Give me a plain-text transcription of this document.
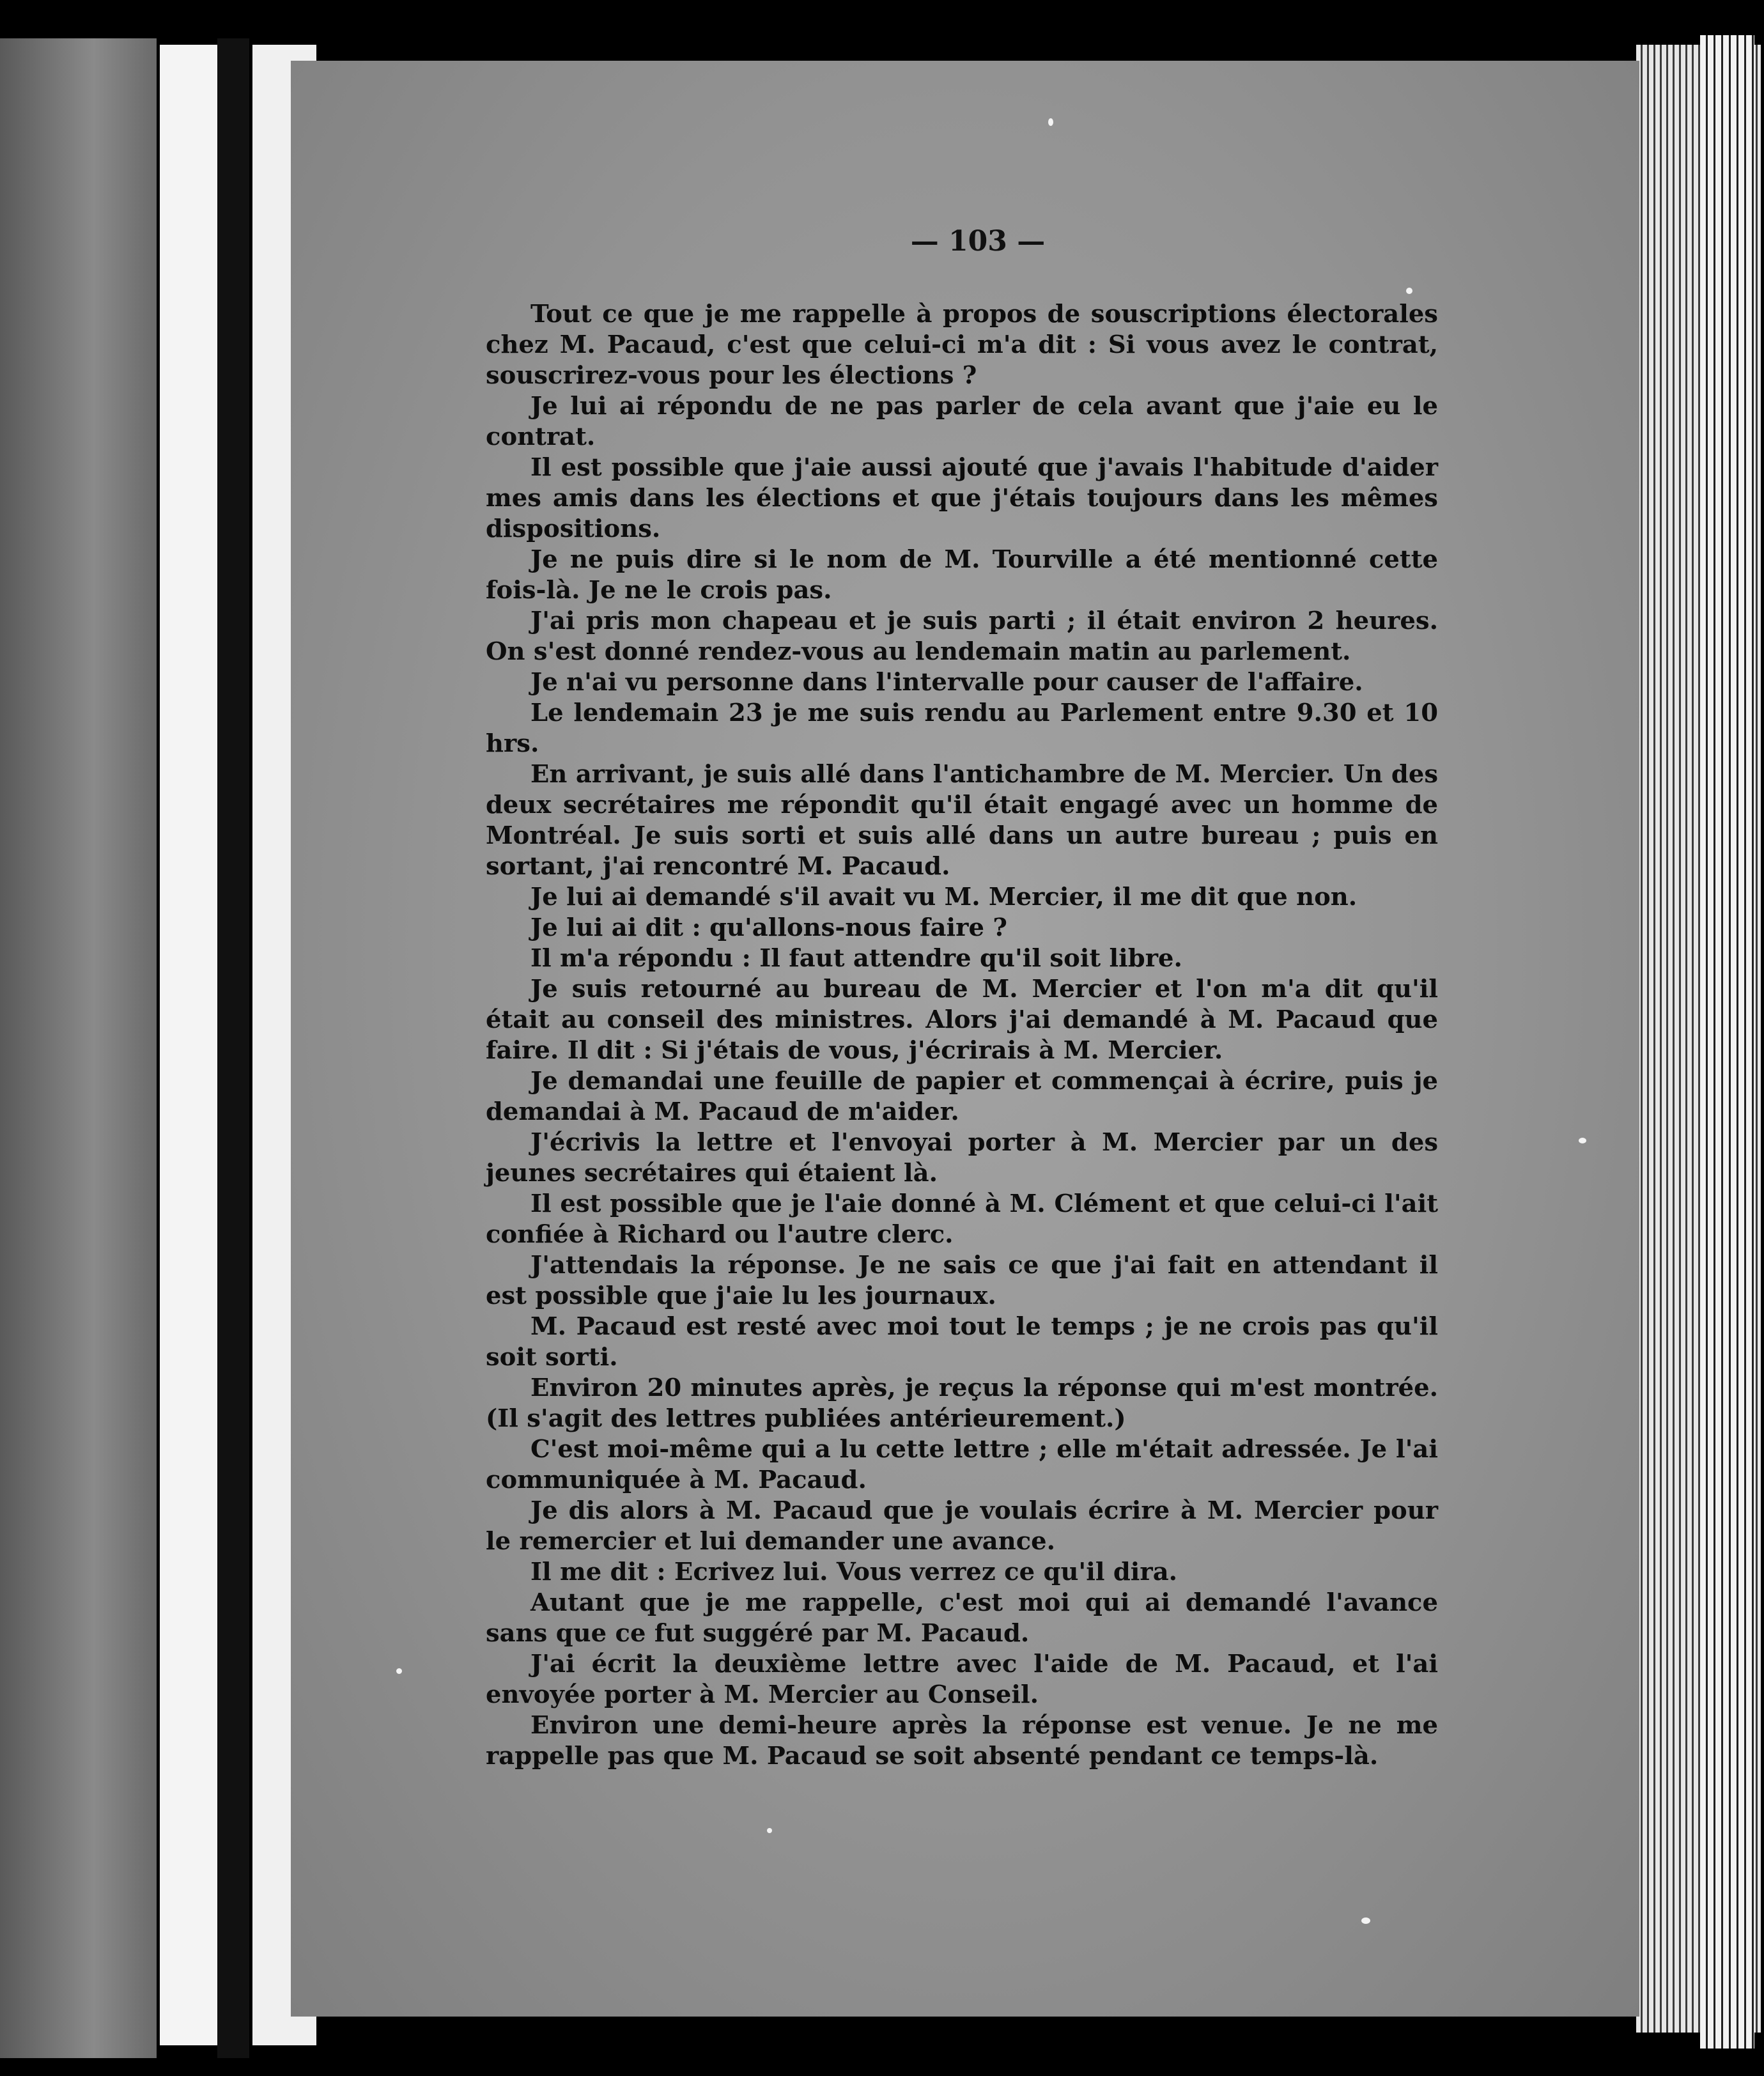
— 103 —

Tout ce que je me rappelle à propos de souscriptions électorales chez M. Pacaud, c'est que celui-ci m'a dit : Si vous avez le contrat, souscrirez-vous pour les élections ?

Je lui ai répondu de ne pas parler de cela avant que j'aie eu le contrat.

Il est possible que j'aie aussi ajouté que j'avais l'habitude d'aider mes amis dans les élections et que j'étais toujours dans les mêmes dispositions.

Je ne puis dire si le nom de M. Tourville a été mentionné cette fois-là. Je ne le crois pas.

J'ai pris mon chapeau et je suis parti ; il était environ 2 heures. On s'est donné rendez-vous au lendemain matin au parlement.

Je n'ai vu personne dans l'intervalle pour causer de l'affaire.

Le lendemain 23 je me suis rendu au Parlement entre 9.30 et 10 hrs.

En arrivant, je suis allé dans l'antichambre de M. Mercier. Un des deux secrétaires me répondit qu'il était engagé avec un homme de Montréal. Je suis sorti et suis allé dans un autre bureau ; puis en sortant, j'ai rencontré M. Pacaud.

Je lui ai demandé s'il avait vu M. Mercier, il me dit que non.

Je lui ai dit : qu'allons-nous faire ?

Il m'a répondu : Il faut attendre qu'il soit libre.

Je suis retourné au bureau de M. Mercier et l'on m'a dit qu'il était au conseil des ministres. Alors j'ai demandé à M. Pacaud que faire. Il dit : Si j'étais de vous, j'écrirais à M. Mercier.

Je demandai une feuille de papier et commençai à écrire, puis je demandai à M. Pacaud de m'aider.

J'écrivis la lettre et l'envoyai porter à M. Mercier par un des jeunes secrétaires qui étaient là.

Il est possible que je l'aie donné à M. Clément et que celui-ci l'ait confiée à Richard ou l'autre clerc.

J'attendais la réponse. Je ne sais ce que j'ai fait en attendant il est possible que j'aie lu les journaux.

M. Pacaud est resté avec moi tout le temps ; je ne crois pas qu'il soit sorti.

Environ 20 minutes après, je reçus la réponse qui m'est montrée. (Il s'agit des lettres publiées antérieurement.)

C'est moi-même qui a lu cette lettre ; elle m'était adressée. Je l'ai communiquée à M. Pacaud.

Je dis alors à M. Pacaud que je voulais écrire à M. Mercier pour le remercier et lui demander une avance.

Il me dit : Ecrivez lui. Vous verrez ce qu'il dira.

Autant que je me rappelle, c'est moi qui ai demandé l'avance sans que ce fut suggéré par M. Pacaud.

J'ai écrit la deuxième lettre avec l'aide de M. Pacaud, et l'ai envoyée porter à M. Mercier au Conseil.

Environ une demi-heure après la réponse est venue. Je ne me rappelle pas que M. Pacaud se soit absenté pendant ce temps-là.
